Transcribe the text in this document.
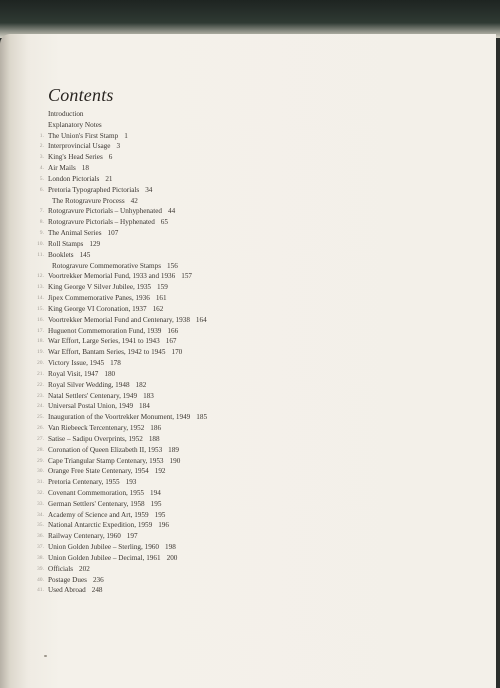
Contents
Introduction
Explanatory Notes
1. The Union's First Stamp 1
2. Interprovincial Usage 3
3. King's Head Series 6
4. Air Mails 18
5. London Pictorials 21
6. Pretoria Typographed Pictorials 34
The Rotogravure Process 42
7. Rotogravure Pictorials – Unhyphenated 44
8. Rotogravure Pictorials – Hyphenated 65
9. The Animal Series 107
10. Roll Stamps 129
11. Booklets 145
Rotogravure Commemorative Stamps 156
12. Voortrekker Memorial Fund, 1933 and 1936 157
13. King George V Silver Jubilee, 1935 159
14. Jipex Commemorative Panes, 1936 161
15. King George VI Coronation, 1937 162
16. Voortrekker Memorial Fund and Centenary, 1938 164
17. Huguenot Commemoration Fund, 1939 166
18. War Effort, Large Series, 1941 to 1943 167
19. War Effort, Bantam Series, 1942 to 1945 170
20. Victory Issue, 1945 178
21. Royal Visit, 1947 180
22. Royal Silver Wedding, 1948 182
23. Natal Settlers' Centenary, 1949 183
24. Universal Postal Union, 1949 184
25. Inauguration of the Voortrekker Monument, 1949 185
26. Van Riebeeck Tercentenary, 1952 186
27. Satise – Sadipu Overprints, 1952 188
28. Coronation of Queen Elizabeth II, 1953 189
29. Cape Triangular Stamp Centenary, 1953 190
30. Orange Free State Centenary, 1954 192
31. Pretoria Centenary, 1955 193
32. Covenant Commemoration, 1955 194
33. German Settlers' Centenary, 1958 195
34. Academy of Science and Art, 1959 195
35. National Antarctic Expedition, 1959 196
36. Railway Centenary, 1960 197
37. Union Golden Jubilee – Sterling, 1960 198
38. Union Golden Jubilee – Decimal, 1961 200
39. Officials 202
40. Postage Dues 236
41. Used Abroad 248
